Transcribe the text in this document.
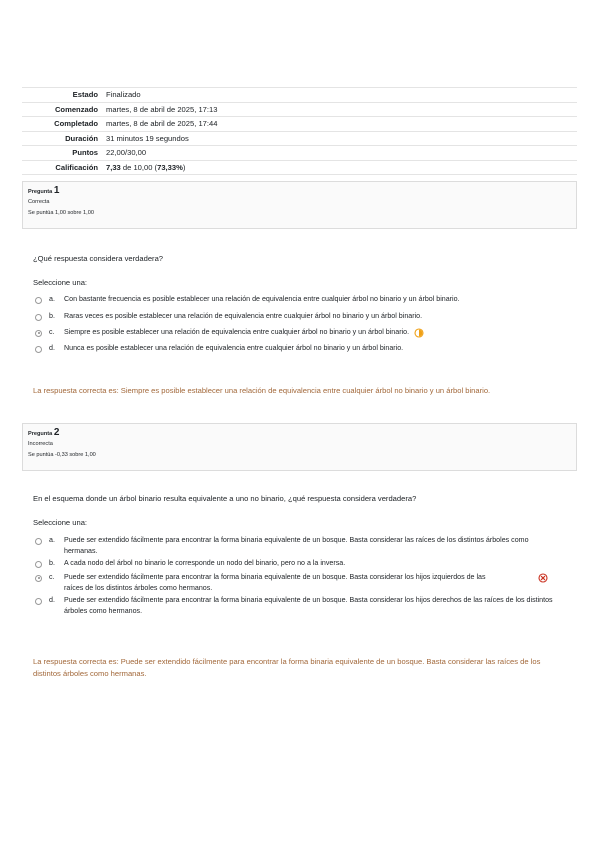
Estado	Finalizado
Comenzado	martes, 8 de abril de 2025, 17:13
Completado	martes, 8 de abril de 2025, 17:44
Duración	31 minutos 19 segundos
Puntos	22,00/30,00
Calificación	7,33 de 10,00 (73,33%)
Pregunta 1
Correcta
Se puntúa 1,00 sobre 1,00
¿Qué respuesta considera verdadera?
Seleccione una:
a.	Con bastante frecuencia es posible establecer una relación de equivalencia entre cualquier árbol no binario y un árbol binario.
b.	Raras veces es posible establecer una relación de equivalencia entre cualquier árbol no binario y un árbol binario.
c.	Siempre es posible establecer una relación de equivalencia entre cualquier árbol no binario y un árbol binario.
d.	Nunca es posible establecer una relación de equivalencia entre cualquier árbol no binario y un árbol binario.
La respuesta correcta es: Siempre es posible establecer una relación de equivalencia entre cualquier árbol no binario y un árbol binario.
Pregunta 2
Incorrecta
Se puntúa -0,33 sobre 1,00
En el esquema donde un árbol binario resulta equivalente a uno no binario, ¿qué respuesta considera verdadera?
Seleccione una:
a.	Puede ser extendido fácilmente para encontrar la forma binaria equivalente de un bosque. Basta considerar las raíces de los distintos árboles como hermanas.
b.	A cada nodo del árbol no binario le corresponde un nodo del binario, pero no a la inversa.
c.	Puede ser extendido fácilmente para encontrar la forma binaria equivalente de un bosque. Basta considerar los hijos izquierdos de las raíces de los distintos árboles como hermanos.
d.	Puede ser extendido fácilmente para encontrar la forma binaria equivalente de un bosque. Basta considerar los hijos derechos de las raíces de los distintos árboles como hermanos.
La respuesta correcta es: Puede ser extendido fácilmente para encontrar la forma binaria equivalente de un bosque. Basta considerar las raíces de los distintos árboles como hermanas.
